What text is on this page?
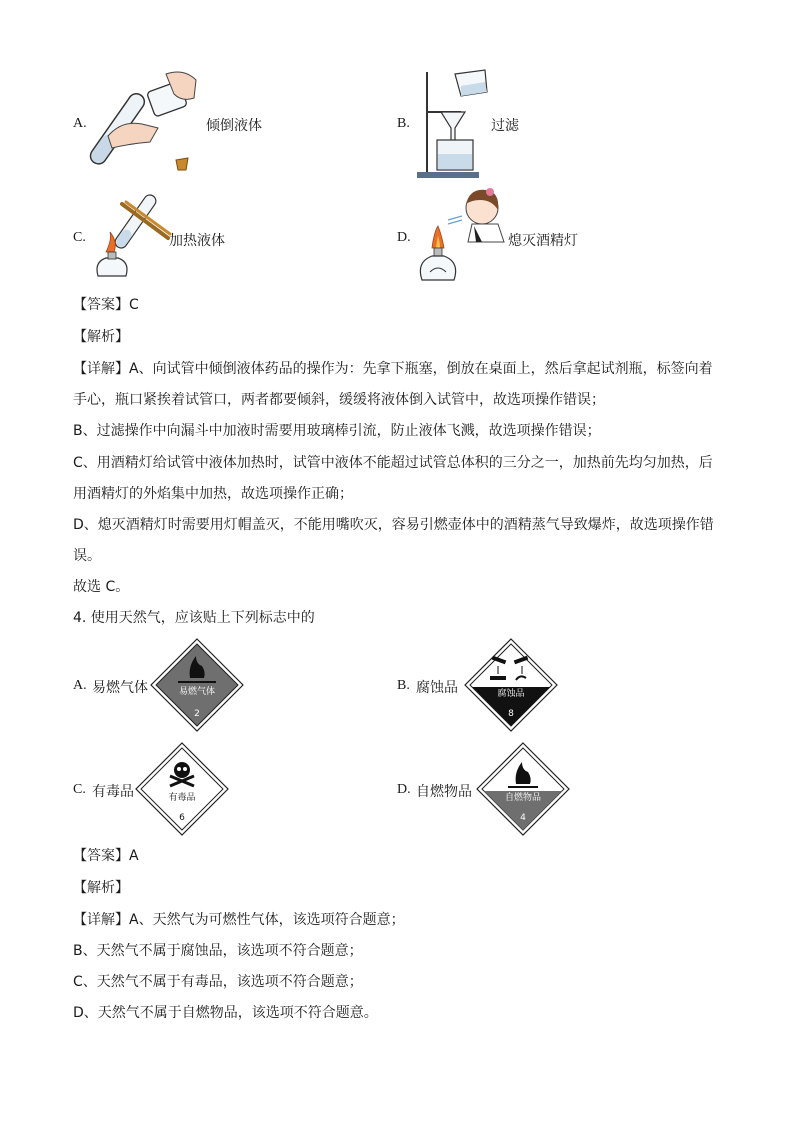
A.	倾倒液体	B.	过滤
C.	加热液体	D.	熄灭酒精灯
【答案】C
【解析】
【详解】A、向试管中倾倒液体药品的操作为：先拿下瓶塞，倒放在桌面上，然后拿起试剂瓶，标签向着
手心，瓶口紧挨着试管口，两者都要倾斜，缓缓将液体倒入试管中，故选项操作错误；
B、过滤操作中向漏斗中加液时需要用玻璃棒引流，防止液体飞溅，故选项操作错误；
C、用酒精灯给试管中液体加热时，试管中液体不能超过试管总体积的三分之一，加热前先均匀加热，后
用酒精灯的外焰集中加热，故选项操作正确；
D、熄灭酒精灯时需要用灯帽盖灭，不能用嘴吹灭，容易引燃壶体中的酒精蒸气导致爆炸，故选项操作错
误。
故选 C。
4. 使用天然气，应该贴上下列标志中的
A. 易燃气体	易燃气体
2
B. 腐蚀品	腐蚀品
8
C. 有毒品	有毒品
6
D. 自燃物品	自燃物品
4
【答案】A
【解析】
【详解】A、天然气为可燃性气体，该选项符合题意；
B、天然气不属于腐蚀品，该选项不符合题意；
C、天然气不属于有毒品，该选项不符合题意；
D、天然气不属于自燃物品，该选项不符合题意。
